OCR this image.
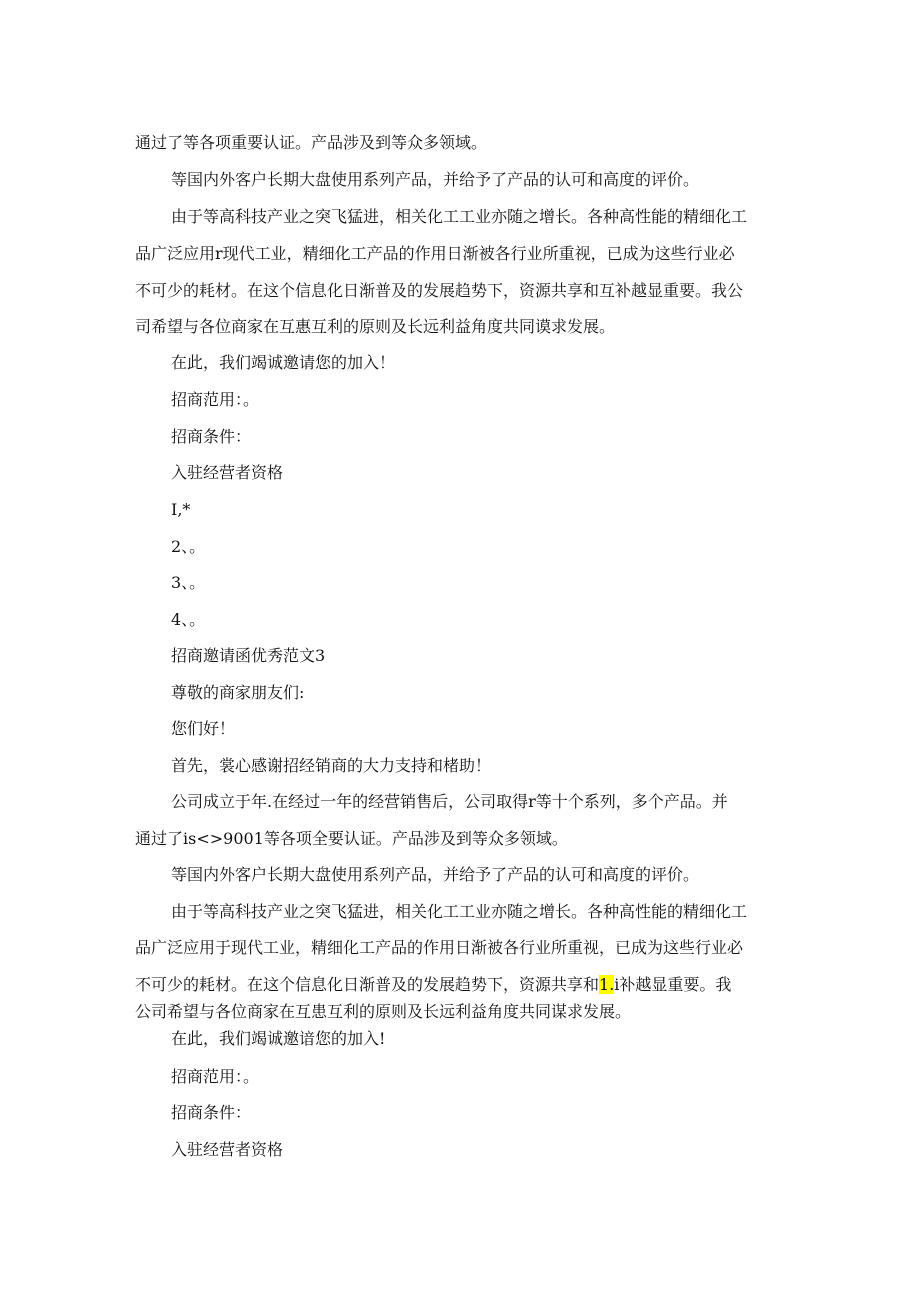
通过了等各项重要认证。产品涉及到等众多领域。
等国内外客户长期大盘使用系列产品，并给予了产品的认可和高度的评价。
由于等高科技产业之突飞猛进，相关化工工业亦随之增长。各种高性能的精细化工
品广泛应用r现代工业，精细化工产品的作用日渐被各行业所重视，已成为这些行业必
不可少的耗材。在这个信息化日渐普及的发展趋势下，资源共享和互补越显重要。我公
司希望与各位商家在互惠互利的原则及长远利益角度共同谟求发展。
在此，我们竭诚邀请您的加入！
招商范用：。
招商条件：
入驻经营者资格
I,*
2、。
3、。
4、。
招商邀请函优秀范文3
尊敬的商家朋友们:
您们好！
首先，裳心感谢招经销商的大力支持和楮助！
公司成立于年.在经过一年的经营销售后，公司取得r等十个系列，多个产品。并
通过了is<>9001等各项全要认证。产品涉及到等众多领域。
等国内外客户长期大盘使用系列产品，并给予了产品的认可和高度的评价。
由于等高科技产业之突飞猛进，相关化工工业亦随之增长。各种高性能的精细化工
品广泛应用于现代工业，精细化工产品的作用日渐被各行业所重视，已成为这些行业必
不可少的耗材。在这个信息化日渐普及的发展趋势下，资源共享和1.i补越显重要。我
公司希望与各位商家在互患互利的原则及长远利益角度共同谋求发展。
在此，我们竭诚邀谙您的加入!
招商范用：。
招商条件：
入驻经营者资格
